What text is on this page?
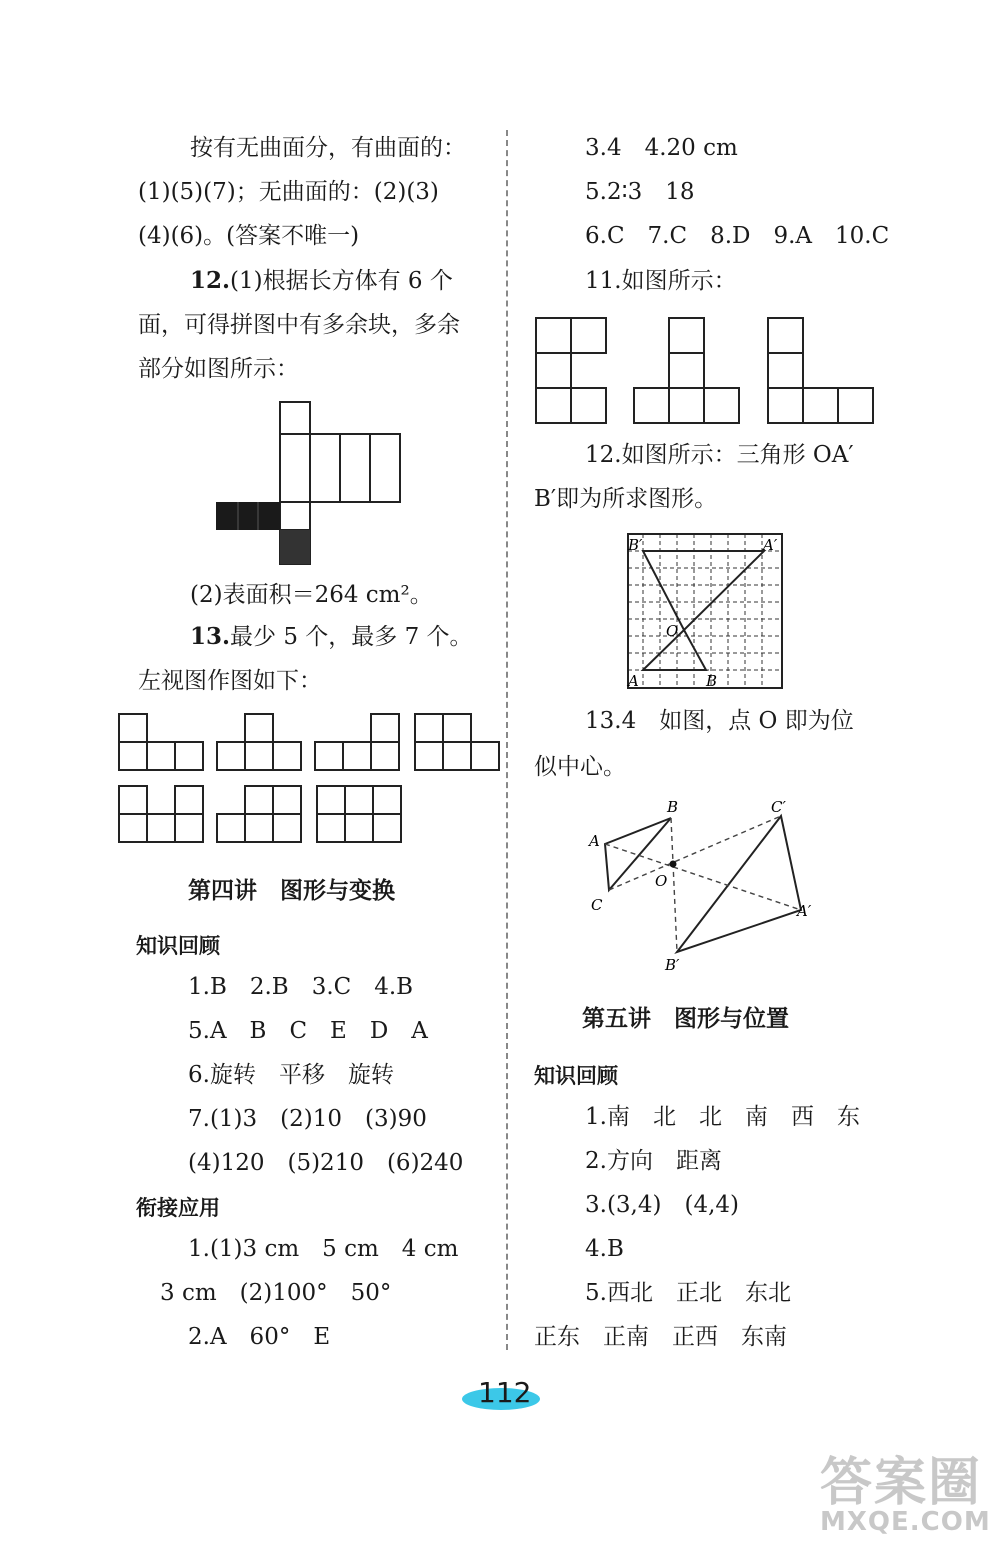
按有无曲面分，有曲面的：
(1)(5)(7)；无曲面的：(2)(3)
(4)(6)。(答案不唯一)
12.(1)根据长方体有 6 个
面，可得拼图中有多余块，多余
部分如图所示：
(2)表面积＝264 cm²。
13.最少 5 个，最多 7 个。
左视图作图如下：
第四讲　图形与变换
知识回顾
1.B　2.B　3.C　4.B
5.A　B　C　E　D　A
6.旋转　平移　旋转
7.(1)3　(2)10　(3)90
(4)120　(5)210　(6)240
衔接应用
1.(1)3 cm　5 cm　4 cm
3 cm　(2)100°　50°
2.A　60°　E
3.4　4.20 cm
5.2∶3　18
6.C　7.C　8.D　9.A　10.C
11.如图所示：
12.如图所示：三角形 OA′
B′即为所求图形。
B′	A′
O
A	B
13.4　如图，点 O 即为位
似中心。
B
A
C
O
C′
A′
B′
第五讲　图形与位置
知识回顾
1.南　北　北　南　西　东
2.方向　距离
3.(3,4)　(4,4)
4.B
5.西北　正北　东北
正东　正南　正西　东南
112
答案圈
MXQE.COM
